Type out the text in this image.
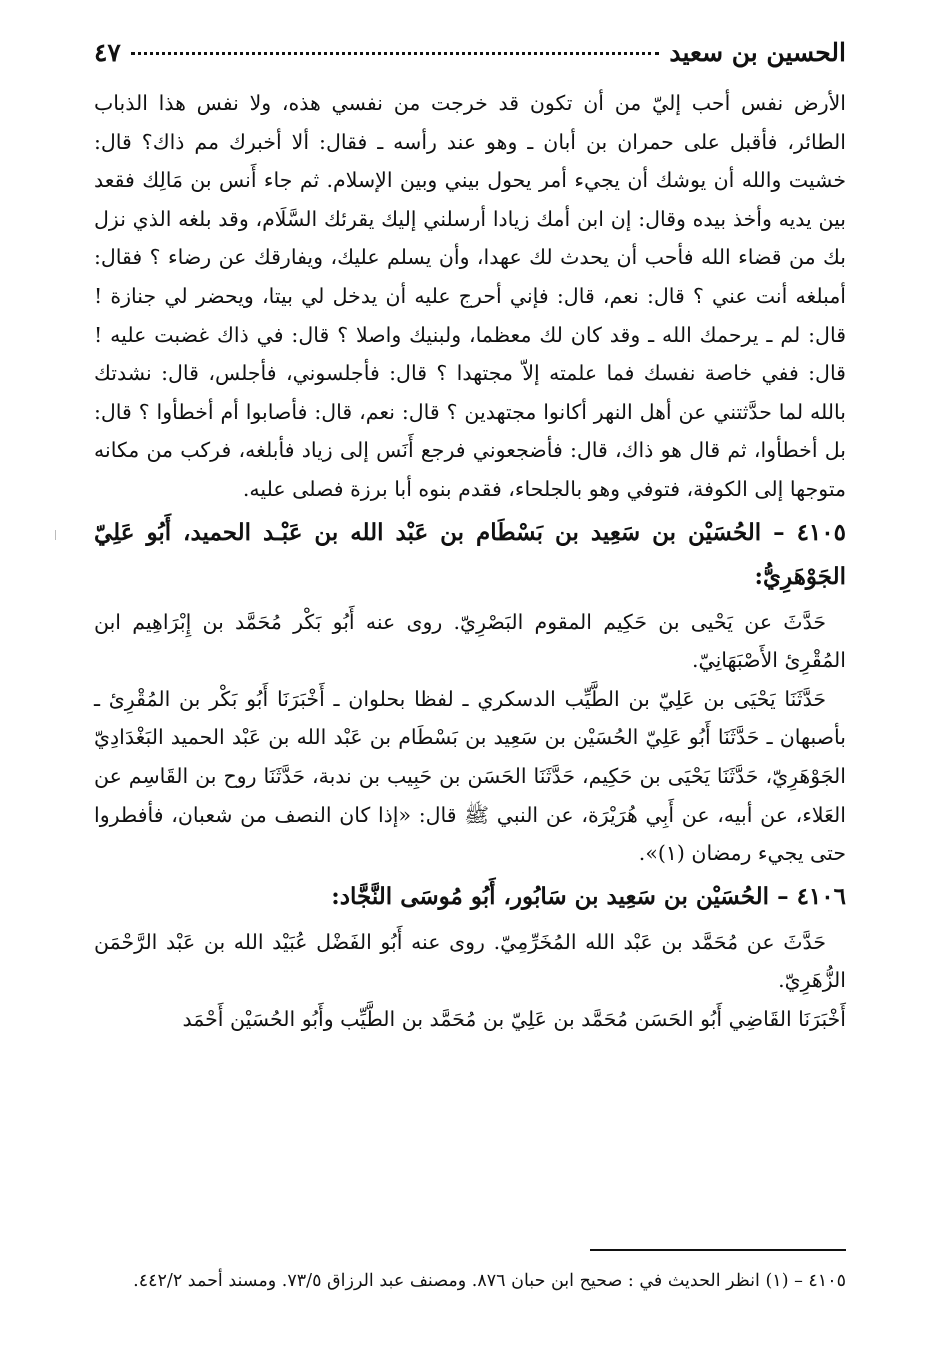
الحسين بن سعيد
٤٧

الأرض نفس أحب إليّ من أن تكون قد خرجت من نفسي هذه، ولا نفس هذا الذباب الطائر، فأقبل على حمران بن أبان ـ وهو عند رأسه ـ فقال: ألا أخبرك مم ذاك؟ قال: خشيت والله أن يوشك أن يجيء أمر يحول بيني وبين الإسلام. ثم جاء أَنس بن مَالِك فقعد بين يديه وأخذ بيده وقال: إن ابن أمك زيادا أرسلني إليك يقرئك السَّلَام، وقد بلغه الذي نزل بك من قضاء الله فأحب أن يحدث لك عهدا، وأن يسلم عليك، ويفارقك عن رضاء ؟ فقال: أمبلغه أنت عني ؟ قال: نعم، قال: فإني أحرج عليه أن يدخل لي بيتا، ويحضر لي جنازة ! قال: لم ـ يرحمك الله ـ وقد كان لك معظما، ولبنيك واصلا ؟ قال: في ذاك غضبت عليه ! قال: ففي خاصة نفسك فما علمته إلاّ مجتهدا ؟ قال: فأجلسوني، فأجلس، قال: نشدتك بالله لما حدَّثتني عن أهل النهر أكانوا مجتهدين ؟ قال: نعم، قال: فأصابوا أم أخطأوا ؟ قال: بل أخطأوا، ثم قال هو ذاك، قال: فأضجعوني فرجع أَنَس إلى زياد فأبلغه، فركب من مكانه متوجها إلى الكوفة، فتوفي وهو بالجلحاء، فقدم بنوه أبا برزة فصلى عليه.

٤١٠٥ – الحُسَيْن بن سَعِيد بن بَسْطَام بن عَبْد الله بن عَبْـد الحميد، أَبُو عَلِيّ الجَوْهَرِيُّ:

حَدَّثَ عن يَحْيى بن حَكِيم المقوم البَصْرِيّ. روى عنه أَبُو بَكْر مُحَمَّد بن إِبْرَاهِيم ابن المُقْرِئ الأَصْبَهَانِيّ.

حَدَّثَنَا يَحْيَى بن عَلِيّ بن الطَّيِّب الدسكري ـ لفظا بحلوان ـ أَخْبَرَنَا أَبُو بَكْر بن المُقْرِئ ـ بأصبهان ـ حَدَّثَنَا أَبُو عَلِيّ الحُسَيْن بن سَعِيد بن بَسْطَام بن عَبْد الله بن عَبْد الحميد البَغْدَادِيّ الجَوْهَرِيّ، حَدَّثَنَا يَحْيَى بن حَكِيم، حَدَّثَنَا الحَسَن بن حَبِيب بن ندبة، حَدَّثَنَا روح بن القَاسِم عن العَلاء، عن أبيه، عن أَبِي هُرَيْرَة، عن النبي ﷺ قال: «إذا كان النصف من شعبان، فأفطروا حتى يجيء رمضان (١)».

٤١٠٦ – الحُسَيْن بن سَعِيد بن سَابُور، أَبُو مُوسَى النَّجَّاد:

حَدَّثَ عن مُحَمَّد بن عَبْد الله المُخَرِّمِيّ. روى عنه أَبُو الفَضْل عُبَيْد الله بن عَبْد الرَّحْمَن الزُّهَرِيّ.

أَخْبَرَنَا القَاضِي أَبُو الحَسَن مُحَمَّد بن عَلِيّ بن مُحَمَّد بن الطَّيِّب وأَبُو الحُسَيْن أَحْمَد

٤١٠٥ – (١) انظر الحديث في : صحيح ابن حبان ٨٧٦. ومصنف عبد الرزاق ٧٣/٥. ومسند أحمد ٤٤٢/٢.
